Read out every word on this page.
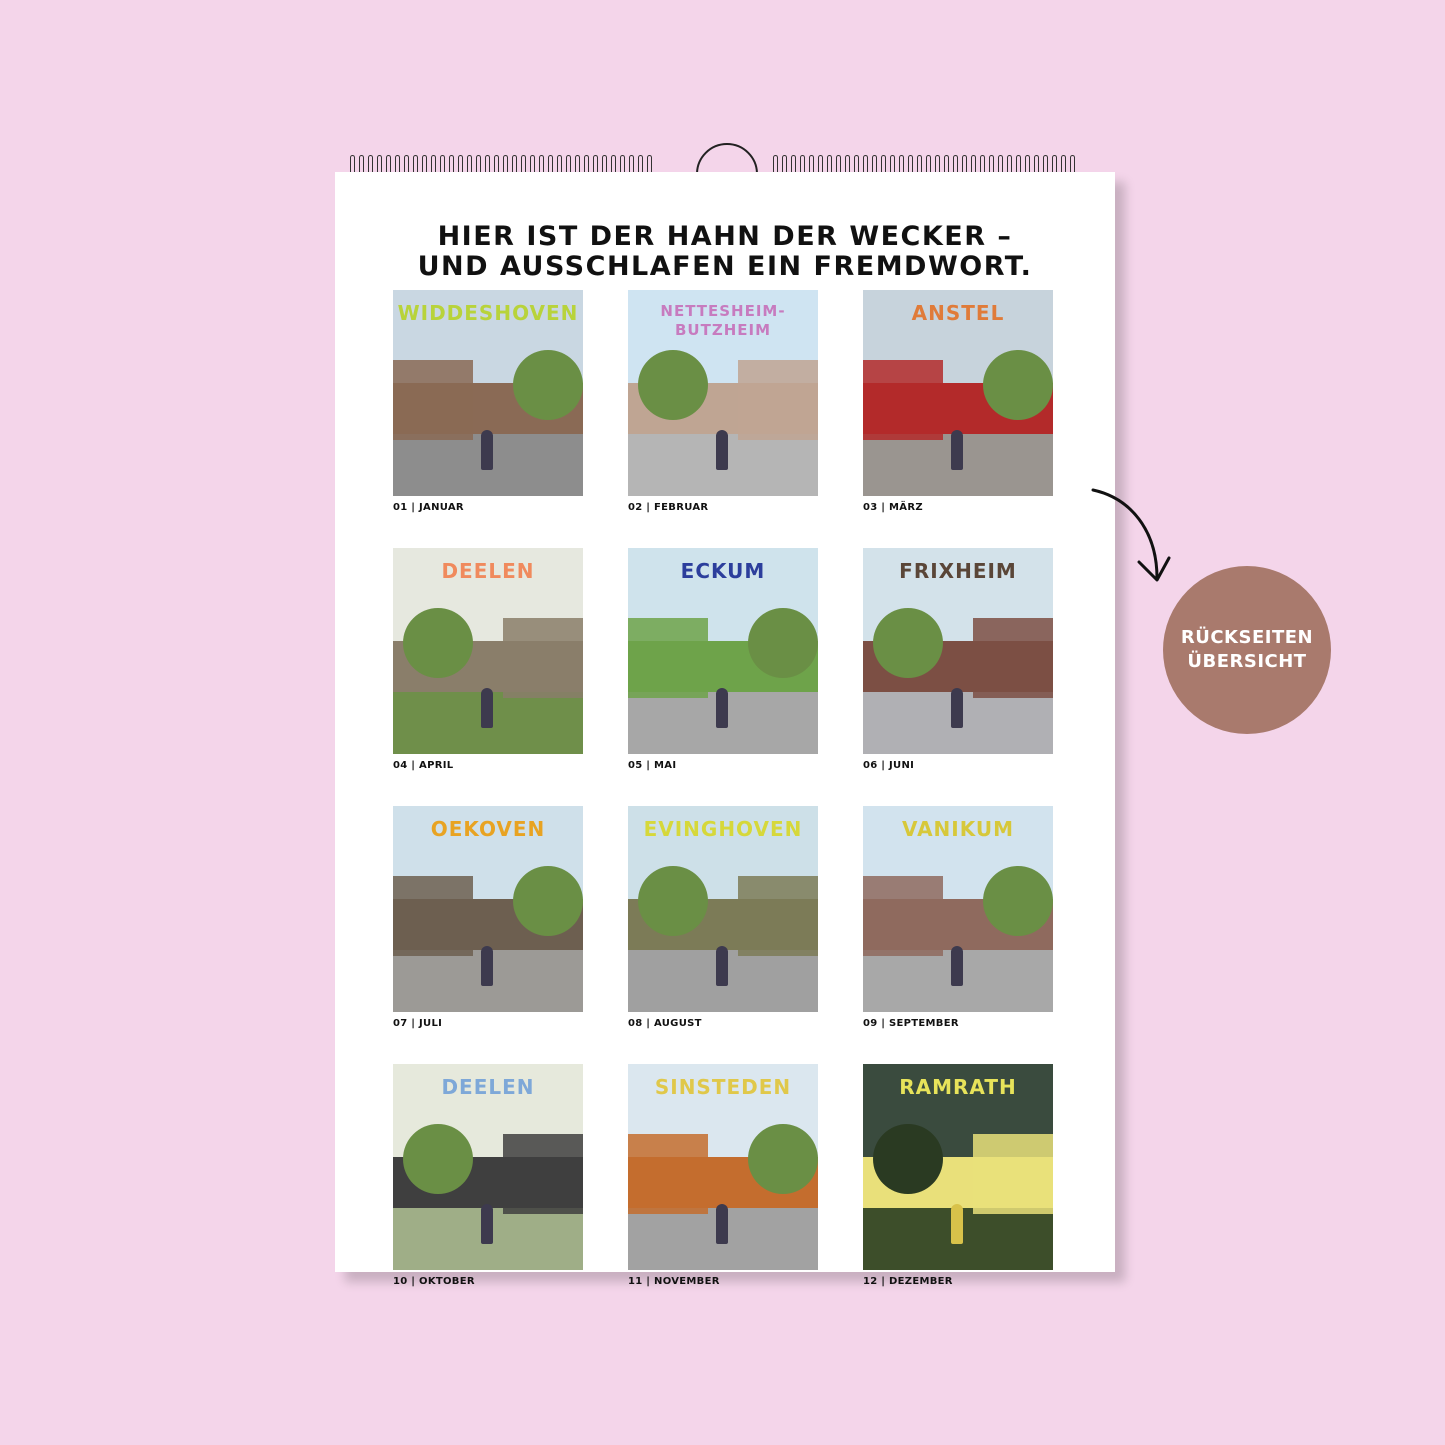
HIER IST DER HAHN DER WECKER –
UND AUSSCHLAFEN EIN FREMDWORT.
WIDDESHOVEN
01 | JANUAR
NETTESHEIM-BUTZHEIM
02 | FEBRUAR
ANSTEL
03 | MÄRZ
DEELEN
04 | APRIL
ECKUM
05 | MAI
FRIXHEIM
06 | JUNI
OEKOVEN
07 | JULI
EVINGHOVEN
08 | AUGUST
VANIKUM
09 | SEPTEMBER
DEELEN
10 | OKTOBER
SINSTEDEN
11 | NOVEMBER
RAMRATH
12 | DEZEMBER
RÜCKSEITEN
ÜBERSICHT
